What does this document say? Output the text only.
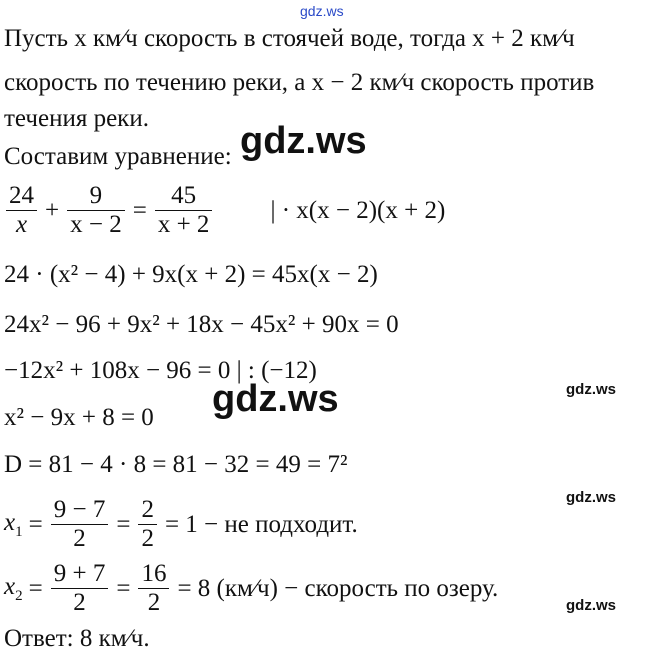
gdz.ws
Пусть x км⁄ч скорость в стоячей воде, тогда x + 2 км⁄ч
скорость по течению реки, а x − 2 км⁄ч скорость против
течения реки.
Составим уравнение: gdz.ws
$\frac{24}{x} + \frac{9}{x - 2} = \frac{45}{x + 2}$ | · x(x − 2)(x + 2)
24 · (x² − 4) + 9x(x + 2) = 45x(x − 2)
24x² − 96 + 9x² + 18x − 45x² + 90x = 0
−12x² + 108x − 96 = 0 | : (−12)
x² − 9x + 8 = 0
D = 81 − 4 · 8 = 81 − 32 = 49 = 7²
gdz.ws	gdz.ws
gdz.ws
gdz.ws
$x_1 = \frac{9 - 7}{2} = \frac{2}{2} = 1$ − не подходит.
$x_2 = \frac{9 + 7}{2} = \frac{16}{2} = 8$ (км⁄ч) − скорость по озеру.
Ответ: 8 км⁄ч.
